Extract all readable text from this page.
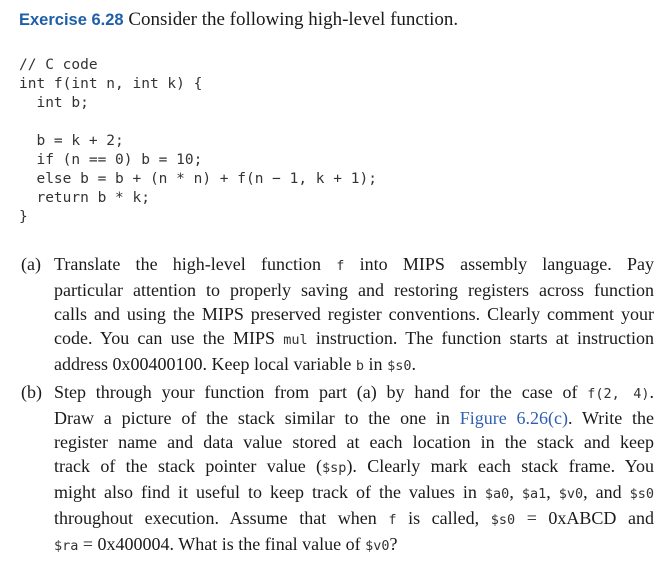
Exercise 6.28 Consider the following high-level function.
// C code
int f(int n, int k) {
int b;
b = k + 2;
if (n == 0) b = 10;
else b = b + (n * n) + f(n − 1, k + 1);
return b * k;
}
(a) Translate the high-level function f into MIPS assembly language. Pay
particular attention to properly saving and restoring registers across function
calls and using the MIPS preserved register conventions. Clearly comment your
code. You can use the MIPS mul instruction. The function starts at instruction
address 0x00400100. Keep local variable b in $s0.
(b) Step through your function from part (a) by hand for the case of f(2, 4).
Draw a picture of the stack similar to the one in Figure 6.26(c). Write the
register name and data value stored at each location in the stack and keep
track of the stack pointer value ($sp). Clearly mark each stack frame. You
might also find it useful to keep track of the values in $a0, $a1, $v0, and $s0
throughout execution. Assume that when f is called, $s0 = 0xABCD and
$ra = 0x400004. What is the final value of $v0?
